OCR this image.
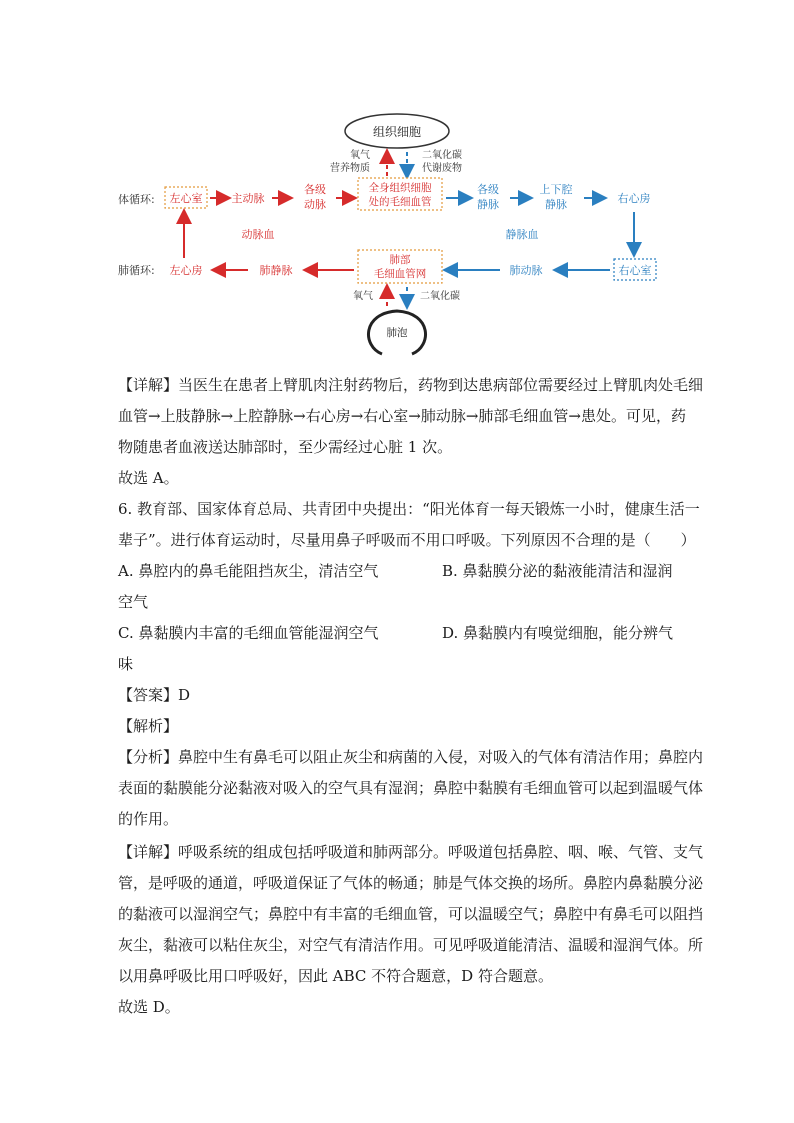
组织细胞
氧气
营养物质
二氧化碳
代谢废物
体循环: 左心室	主动脉
各级
动脉
全身组织细胞
处的毛细血管
各级
静脉
上下腔
静脉	右心房
动脉血	静脉血
肺循环: 左心房	肺静脉
肺部
毛细血管网	肺动脉	右心室
氧气	二氧化碳
肺泡
【详解】当医生在患者上臂肌肉注射药物后，药物到达患病部位需要经过上臂肌肉处毛细
血管→上肢静脉→上腔静脉→右心房→右心室→肺动脉→肺部毛细血管→患处。可见，药
物随患者血液送达肺部时，至少需经过心脏 1 次。
故选 A。
6. 教育部、国家体育总局、共青团中央提出：“阳光体育一每天锻炼一小时，健康生活一
辈子”。进行体育运动时，尽量用鼻子呼吸而不用口呼吸。下列原因不合理的是（　　）
A. 鼻腔内的鼻毛能阻挡灰尘，清洁空气	B. 鼻黏膜分泌的黏液能清洁和湿润
空气
C. 鼻黏膜内丰富的毛细血管能湿润空气	D. 鼻黏膜内有嗅觉细胞，能分辨气
味
【答案】D
【解析】
【分析】鼻腔中生有鼻毛可以阻止灰尘和病菌的入侵，对吸入的气体有清洁作用；鼻腔内
表面的黏膜能分泌黏液对吸入的空气具有湿润；鼻腔中黏膜有毛细血管可以起到温暖气体
的作用。
【详解】呼吸系统的组成包括呼吸道和肺两部分。呼吸道包括鼻腔、咽、喉、气管、支气
管，是呼吸的通道，呼吸道保证了气体的畅通；肺是气体交换的场所。鼻腔内鼻黏膜分泌
的黏液可以湿润空气；鼻腔中有丰富的毛细血管，可以温暖空气；鼻腔中有鼻毛可以阻挡
灰尘，黏液可以粘住灰尘，对空气有清洁作用。可见呼吸道能清洁、温暖和湿润气体。所
以用鼻呼吸比用口呼吸好，因此 ABC 不符合题意，D 符合题意。
故选 D。
